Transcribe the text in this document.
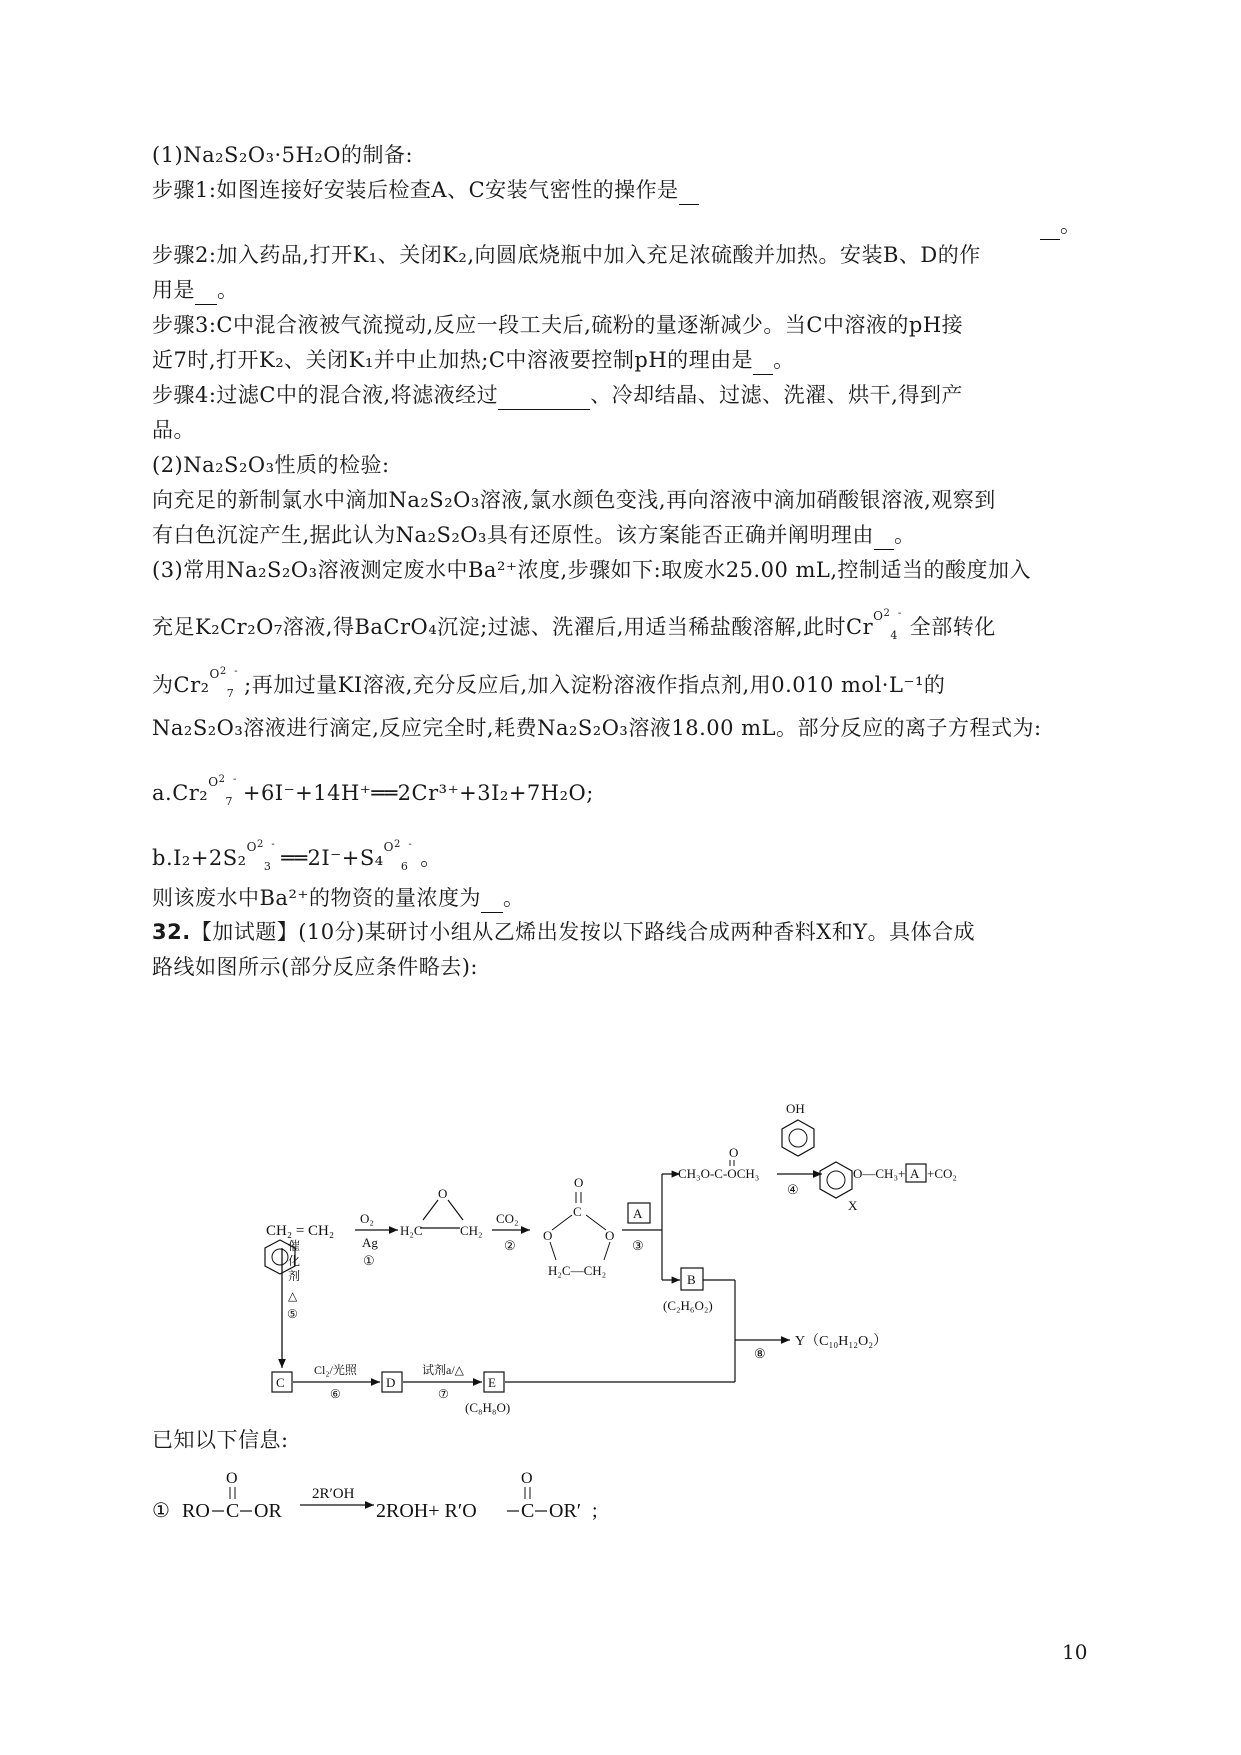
(1)Na₂S₂O₃·5H₂O的制备:
步骤1:如图连接好安装后检查A、C安装气密性的操作是
。
步骤2:加入药品,打开K₁、关闭K₂,向圆底烧瓶中加入充足浓硫酸并加热。安装B、D的作
用是 。
步骤3:C中混合液被气流搅动,反应一段工夫后,硫粉的量逐渐减少。当C中溶液的pH接
近7时,打开K₂、关闭K₁并中止加热;C中溶液要控制pH的理由是 。
步骤4:过滤C中的混合液,将滤液经过	、冷却结晶、过滤、洗濯、烘干,得到产
品。
(2)Na₂S₂O₃性质的检验:
向充足的新制氯水中滴加Na₂S₂O₃溶液,氯水颜色变浅,再向溶液中滴加硝酸银溶液,观察到
有白色沉淀产生,据此认为Na₂S₂O₃具有还原性。该方案能否正确并阐明理由 。
(3)常用Na₂S₂O₃溶液测定废水中Ba²⁺浓度,步骤如下:取废水25.00 mL,控制适当的酸度加入
充足K₂Cr₂O₇溶液,得BaCrO₄沉淀;过滤、洗濯后,用适当稀盐酸溶解,此时$Cr^{O2}_4^-$全部转化
为Cr₂$^{O2}_7$-;再加过量KI溶液,充分反应后,加入淀粉溶液作指点剂,用0.010 mol·L⁻¹的
Na₂S₂O₃溶液进行滴定,反应完全时,耗费Na₂S₂O₃溶液18.00 mL。部分反应的离子方程式为:
a.Cr₂$^{O2}_7$-+6I⁻+14H⁺══2Cr³⁺+3I₂+7H₂O;
b.I₂+2S₂$^{O2}_3$-══2I⁻+S₄$^{O2}_6$-。
则该废水中Ba²⁺的物资的量浓度为 。
32.【加试题】(10分)某研讨小组从乙烯出发按以下路线合成两种香料X和Y。具体合成
路线如图所示(部分反应条件略去):
CH₂ = CH₂
O₂
Ag
①
H₂C	CH₂
O
CO₂
②
O
C
O	O
H₂C—CH₂
A
③
CH₃O-C-OCH₃
O
④
OH
O—CH₃+ A +CO₂
X
B
(C₂H₆O₂)
⑧
Y（C₁₀H₁₂O₂）
催化剂
△
⑤
C
Cl₂/光照
⑥
D
试剂a/△
⑦
E
(C₈H₈O)
已知以下信息:
① RO C
O
OR
2R′OH
2ROH+ R′O C
O
OR′ ;
10
